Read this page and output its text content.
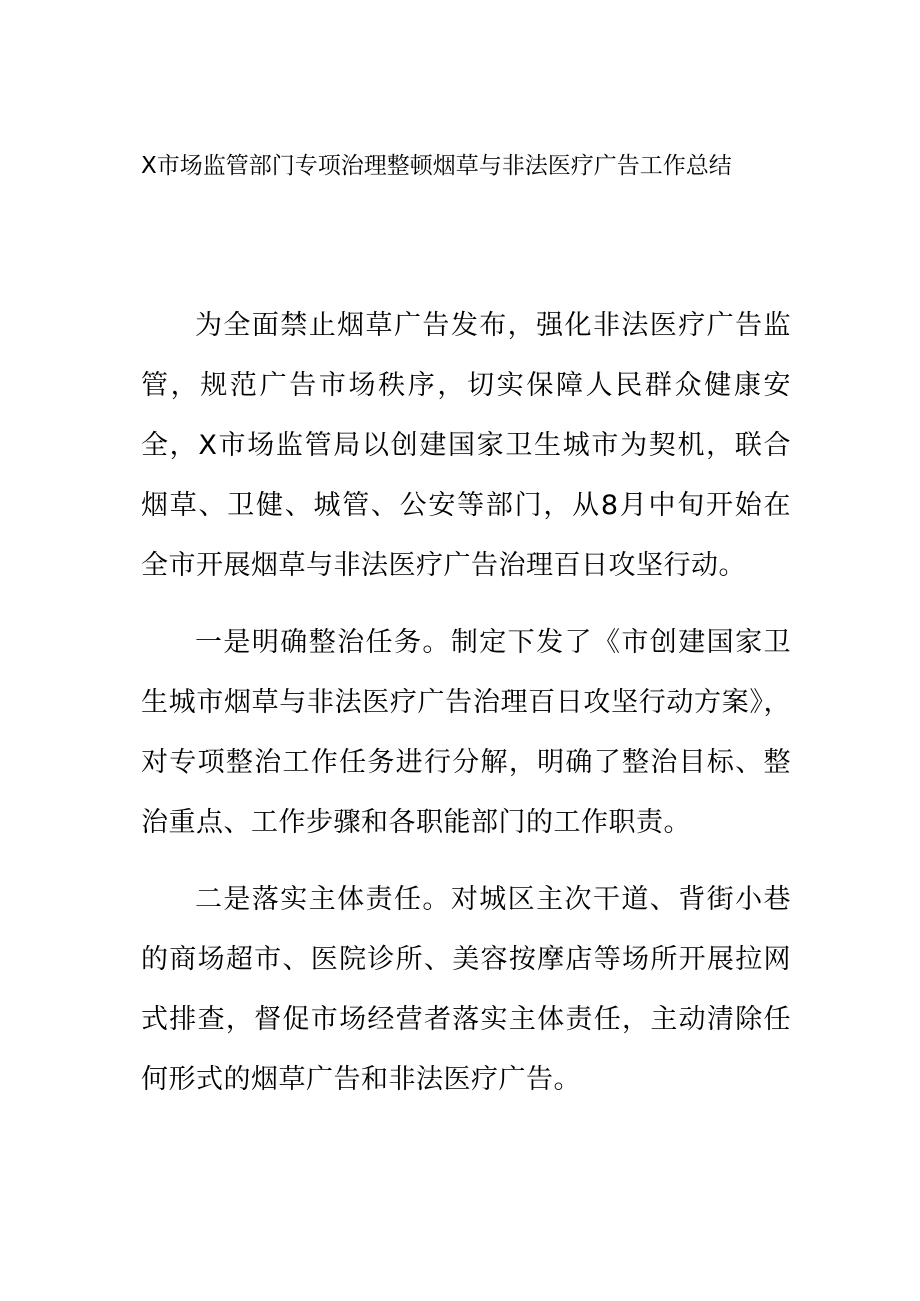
X市场监管部门专项治理整顿烟草与非法医疗广告工作总结

为全面禁止烟草广告发布，强化非法医疗广告监管，规范广告市场秩序，切实保障人民群众健康安全，X市场监管局以创建国家卫生城市为契机，联合烟草、卫健、城管、公安等部门，从8月中旬开始在全市开展烟草与非法医疗广告治理百日攻坚行动。

一是明确整治任务。制定下发了《市创建国家卫生城市烟草与非法医疗广告治理百日攻坚行动方案》，对专项整治工作任务进行分解，明确了整治目标、整治重点、工作步骤和各职能部门的工作职责。

二是落实主体责任。对城区主次干道、背街小巷的商场超市、医院诊所、美容按摩店等场所开展拉网式排查，督促市场经营者落实主体责任，主动清除任何形式的烟草广告和非法医疗广告。
